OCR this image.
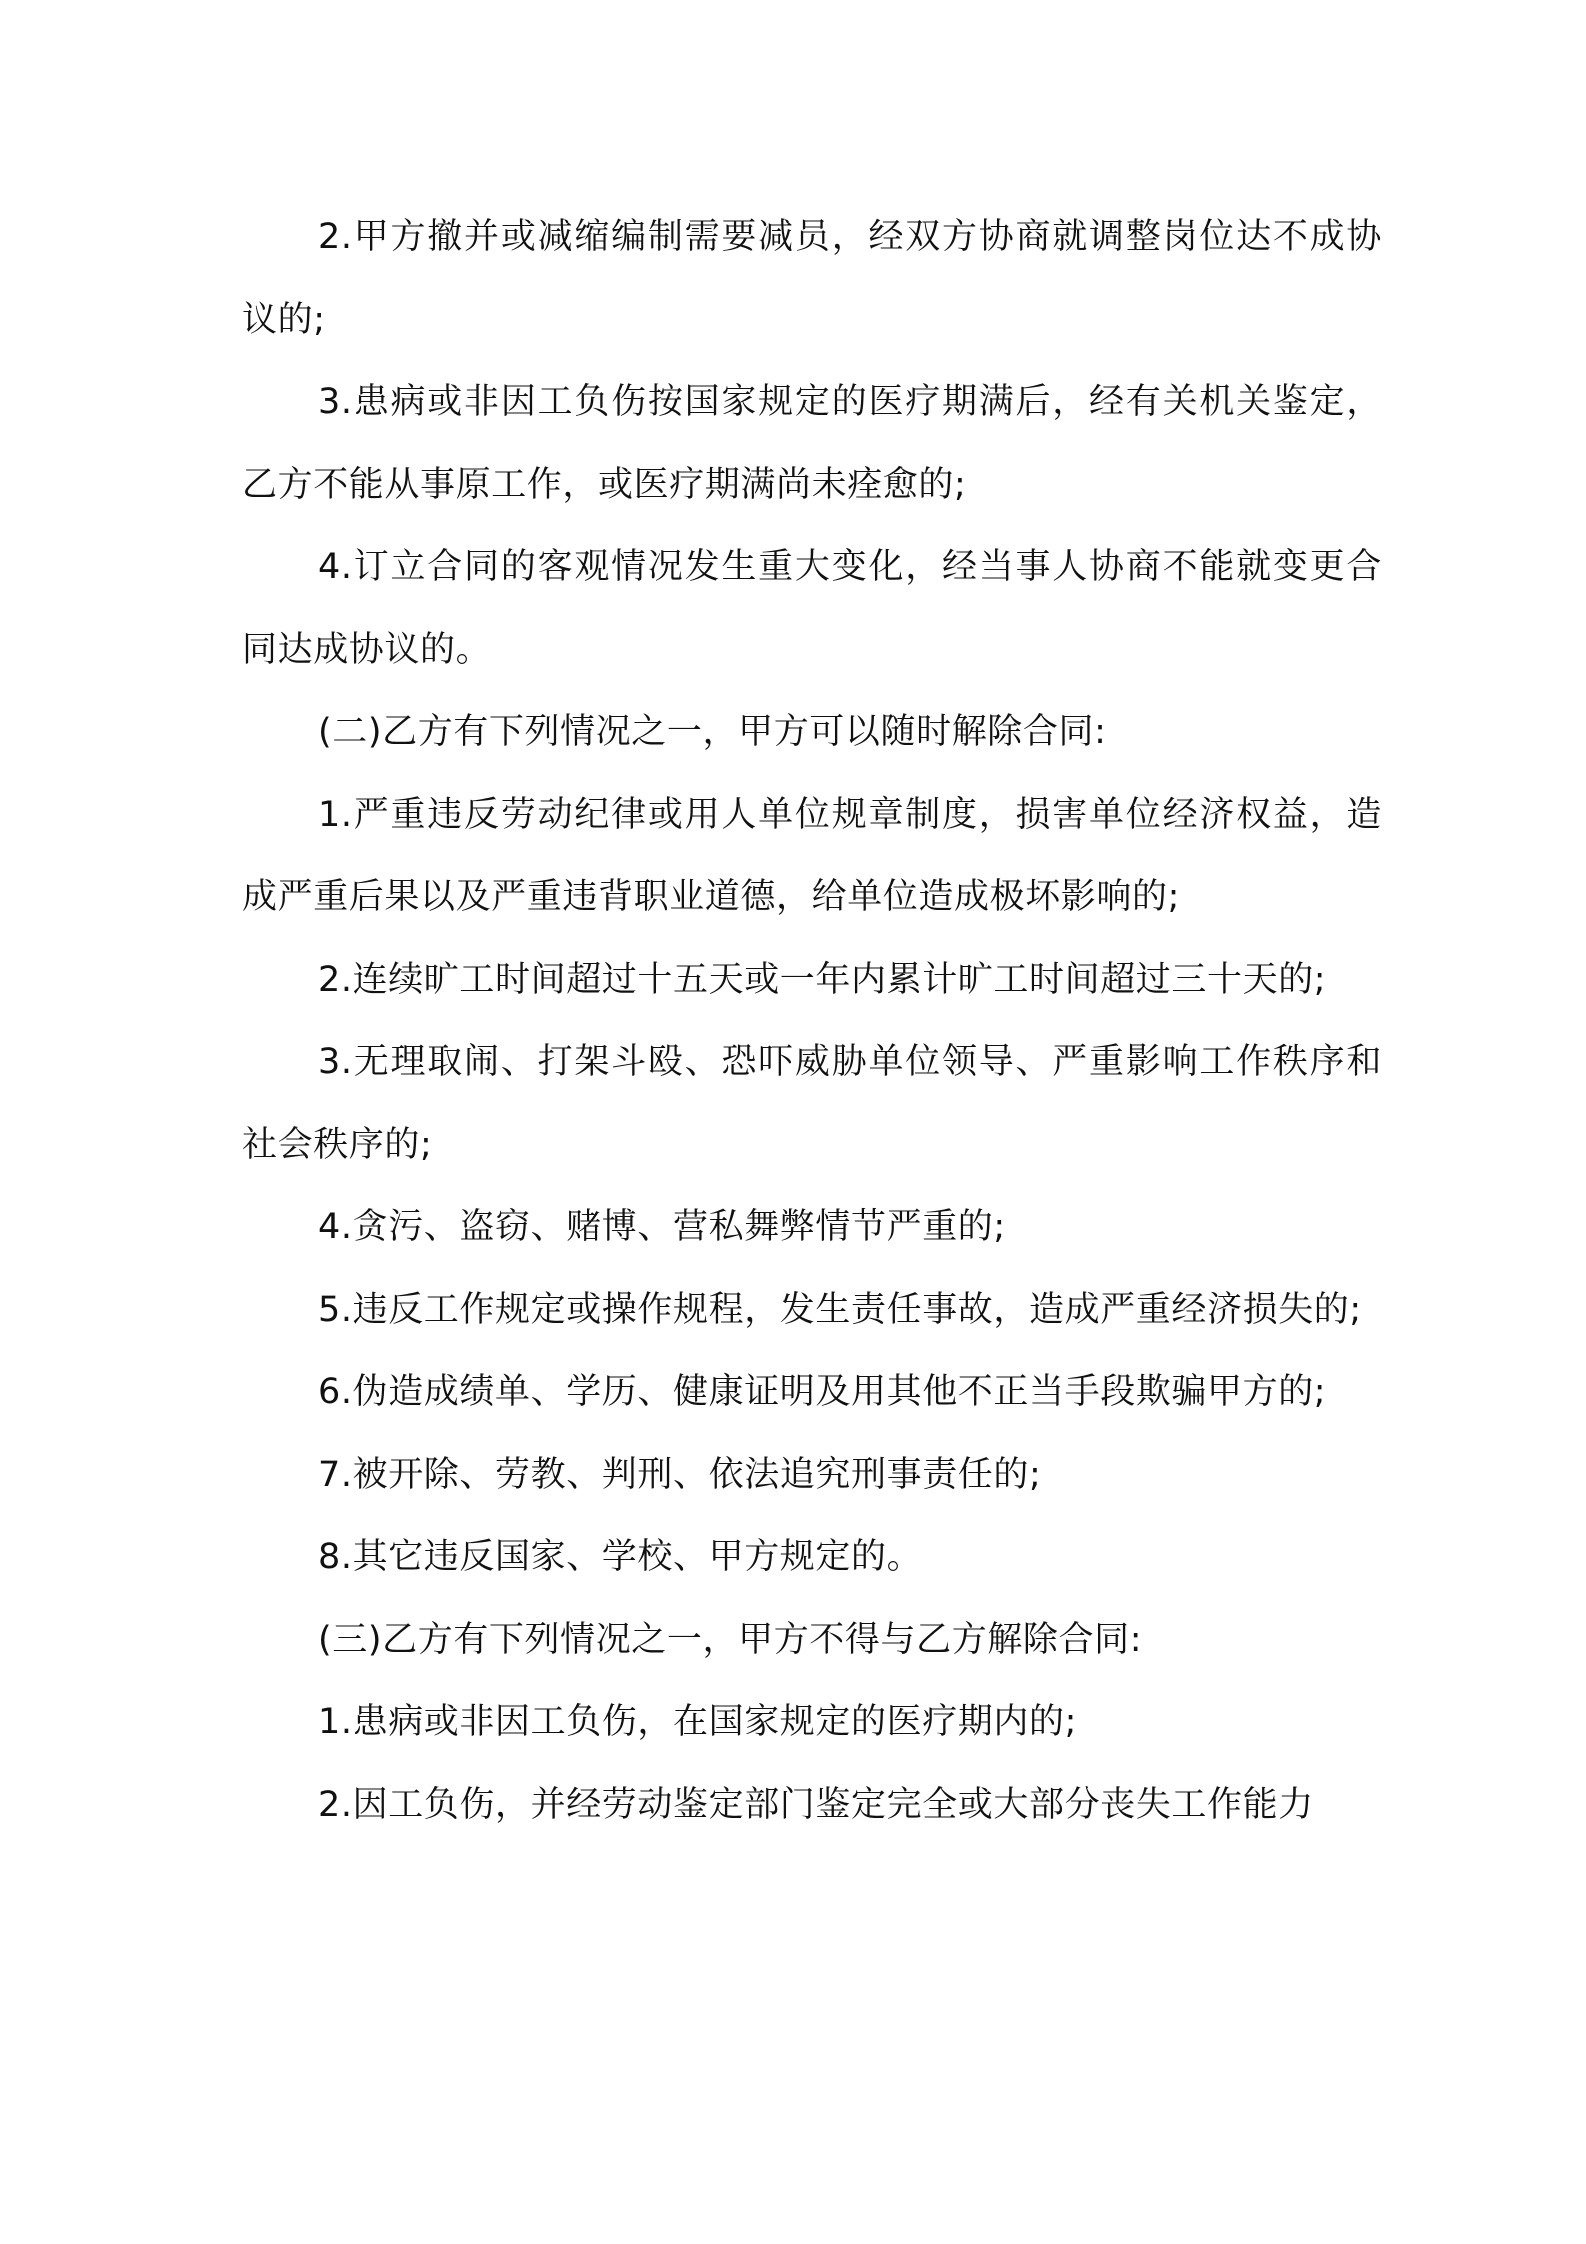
2.甲方撤并或减缩编制需要减员，经双方协商就调整岗位达不成协议的;

3.患病或非因工负伤按国家规定的医疗期满后，经有关机关鉴定，乙方不能从事原工作，或医疗期满尚未痊愈的;

4.订立合同的客观情况发生重大变化，经当事人协商不能就变更合同达成协议的。

(二)乙方有下列情况之一，甲方可以随时解除合同:

1.严重违反劳动纪律或用人单位规章制度，损害单位经济权益，造成严重后果以及严重违背职业道德，给单位造成极坏影响的;

2.连续旷工时间超过十五天或一年内累计旷工时间超过三十天的;

3.无理取闹、打架斗殴、恐吓威胁单位领导、严重影响工作秩序和社会秩序的;

4.贪污、盗窃、赌博、营私舞弊情节严重的;

5.违反工作规定或操作规程，发生责任事故，造成严重经济损失的;

6.伪造成绩单、学历、健康证明及用其他不正当手段欺骗甲方的;

7.被开除、劳教、判刑、依法追究刑事责任的;

8.其它违反国家、学校、甲方规定的。

(三)乙方有下列情况之一，甲方不得与乙方解除合同:

1.患病或非因工负伤，在国家规定的医疗期内的;

2.因工负伤，并经劳动鉴定部门鉴定完全或大部分丧失工作能力
